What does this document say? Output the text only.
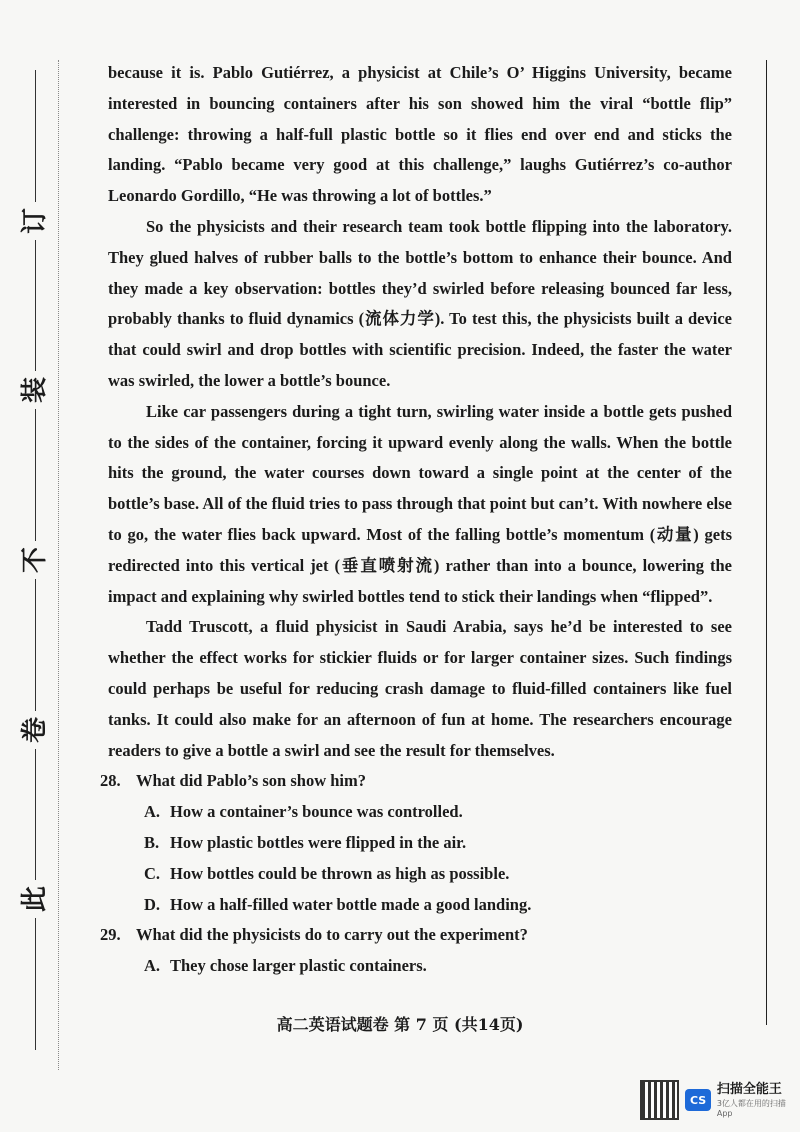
订
装
不
卷
此

because it is. Pablo Gutiérrez, a physicist at Chile’s O’ Higgins University, became interested in bouncing containers after his son showed him the viral “bottle flip” challenge: throwing a half-full plastic bottle so it flies end over end and sticks the landing. “Pablo became very good at this challenge,” laughs Gutiérrez’s co-author Leonardo Gordillo, “He was throwing a lot of bottles.”

So the physicists and their research team took bottle flipping into the laboratory. They glued halves of rubber balls to the bottle’s bottom to enhance their bounce. And they made a key observation: bottles they’d swirled before releasing bounced far less, probably thanks to fluid dynamics (流体力学). To test this, the physicists built a device that could swirl and drop bottles with scientific precision. Indeed, the faster the water was swirled, the lower a bottle’s bounce.

Like car passengers during a tight turn, swirling water inside a bottle gets pushed to the sides of the container, forcing it upward evenly along the walls. When the bottle hits the ground, the water courses down toward a single point at the center of the bottle’s base. All of the fluid tries to pass through that point but can’t. With nowhere else to go, the water flies back upward. Most of the falling bottle’s momentum (动量) gets redirected into this vertical jet (垂直喷射流) rather than into a bounce, lowering the impact and explaining why swirled bottles tend to stick their landings when “flipped”.

Tadd Truscott, a fluid physicist in Saudi Arabia, says he’d be interested to see whether the effect works for stickier fluids or for larger container sizes. Such findings could perhaps be useful for reducing crash damage to fluid-filled containers like fuel tanks. It could also make for an afternoon of fun at home. The researchers encourage readers to give a bottle a swirl and see the result for themselves.

28. What did Pablo’s son show him?

A. How a container’s bounce was controlled.

B. How plastic bottles were flipped in the air.

C. How bottles could be thrown as high as possible.

D. How a half-filled water bottle made a good landing.

29. What did the physicists do to carry out the experiment?

A. They chose larger plastic containers.

高二英语试题卷 第 7 页 (共14页)
CS
扫描全能王
3亿人都在用的扫描App
